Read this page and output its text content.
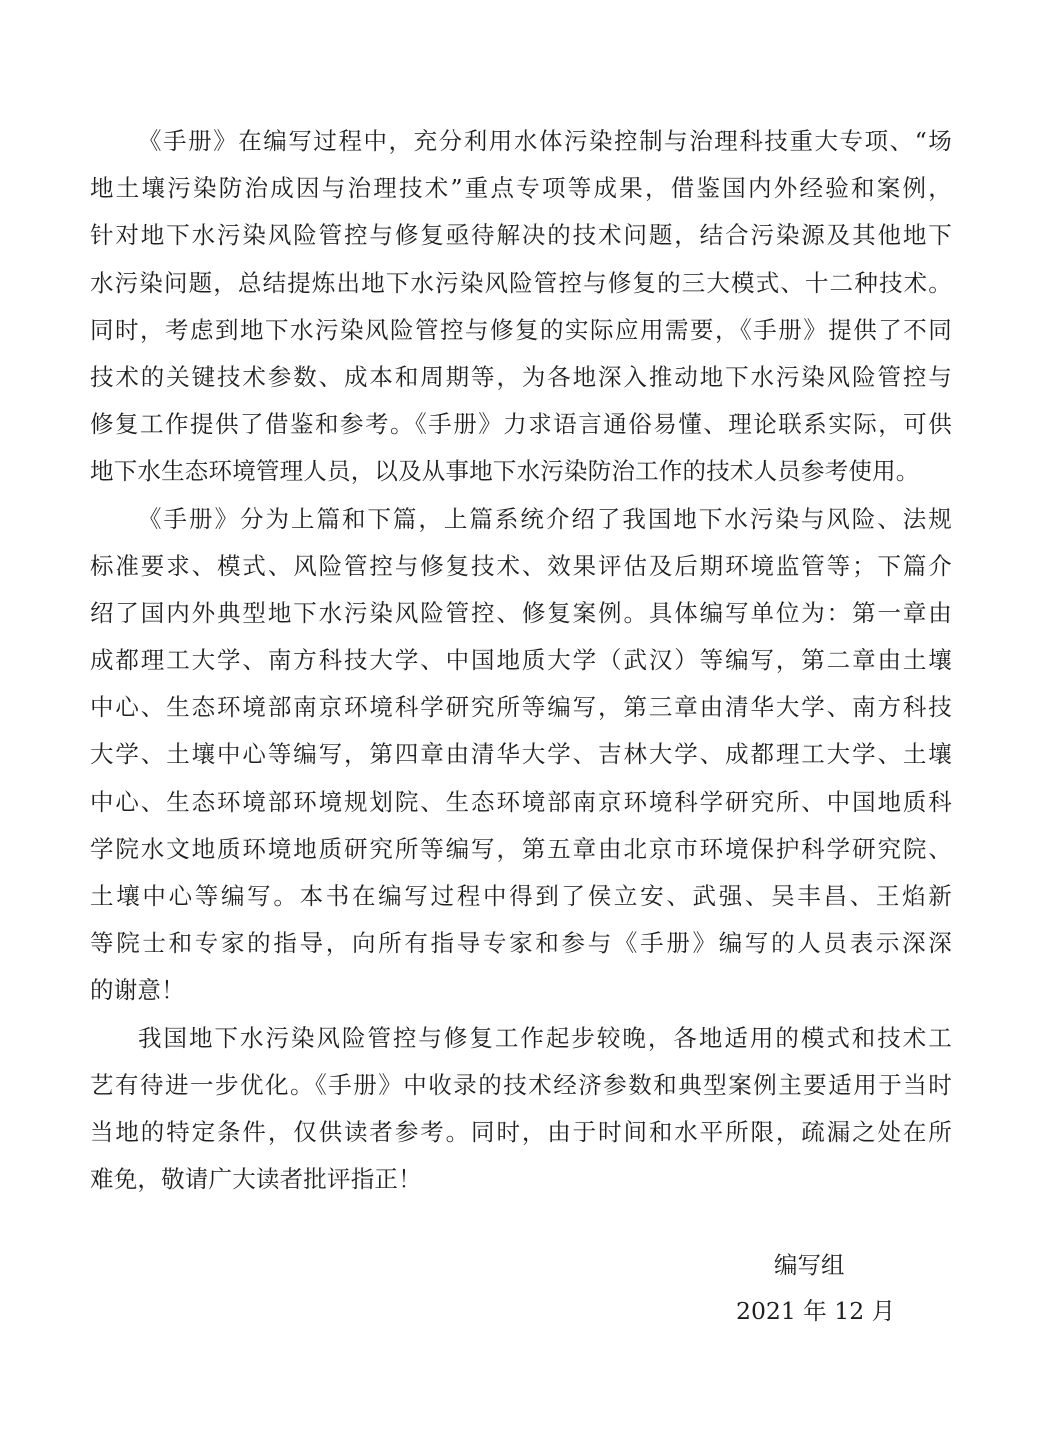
《手册》在编写过程中，充分利用水体污染控制与治理科技重大专项、“场
地土壤污染防治成因与治理技术”重点专项等成果，借鉴国内外经验和案例，
针对地下水污染风险管控与修复亟待解决的技术问题，结合污染源及其他地下
水污染问题，总结提炼出地下水污染风险管控与修复的三大模式、十二种技术。
同时，考虑到地下水污染风险管控与修复的实际应用需要，《手册》提供了不同
技术的关键技术参数、成本和周期等，为各地深入推动地下水污染风险管控与
修复工作提供了借鉴和参考。《手册》力求语言通俗易懂、理论联系实际，可供
地下水生态环境管理人员，以及从事地下水污染防治工作的技术人员参考使用。
《手册》分为上篇和下篇，上篇系统介绍了我国地下水污染与风险、法规
标准要求、模式、风险管控与修复技术、效果评估及后期环境监管等；下篇介
绍了国内外典型地下水污染风险管控、修复案例。具体编写单位为：第一章由
成都理工大学、南方科技大学、中国地质大学（武汉）等编写，第二章由土壤
中心、生态环境部南京环境科学研究所等编写，第三章由清华大学、南方科技
大学、土壤中心等编写，第四章由清华大学、吉林大学、成都理工大学、土壤
中心、生态环境部环境规划院、生态环境部南京环境科学研究所、中国地质科
学院水文地质环境地质研究所等编写，第五章由北京市环境保护科学研究院、
土壤中心等编写。本书在编写过程中得到了侯立安、武强、吴丰昌、王焰新
等院士和专家的指导，向所有指导专家和参与《手册》编写的人员表示深深
的谢意！
我国地下水污染风险管控与修复工作起步较晚，各地适用的模式和技术工
艺有待进一步优化。《手册》中收录的技术经济参数和典型案例主要适用于当时
当地的特定条件，仅供读者参考。同时，由于时间和水平所限，疏漏之处在所
难免，敬请广大读者批评指正！
编写组
2021 年 12 月
